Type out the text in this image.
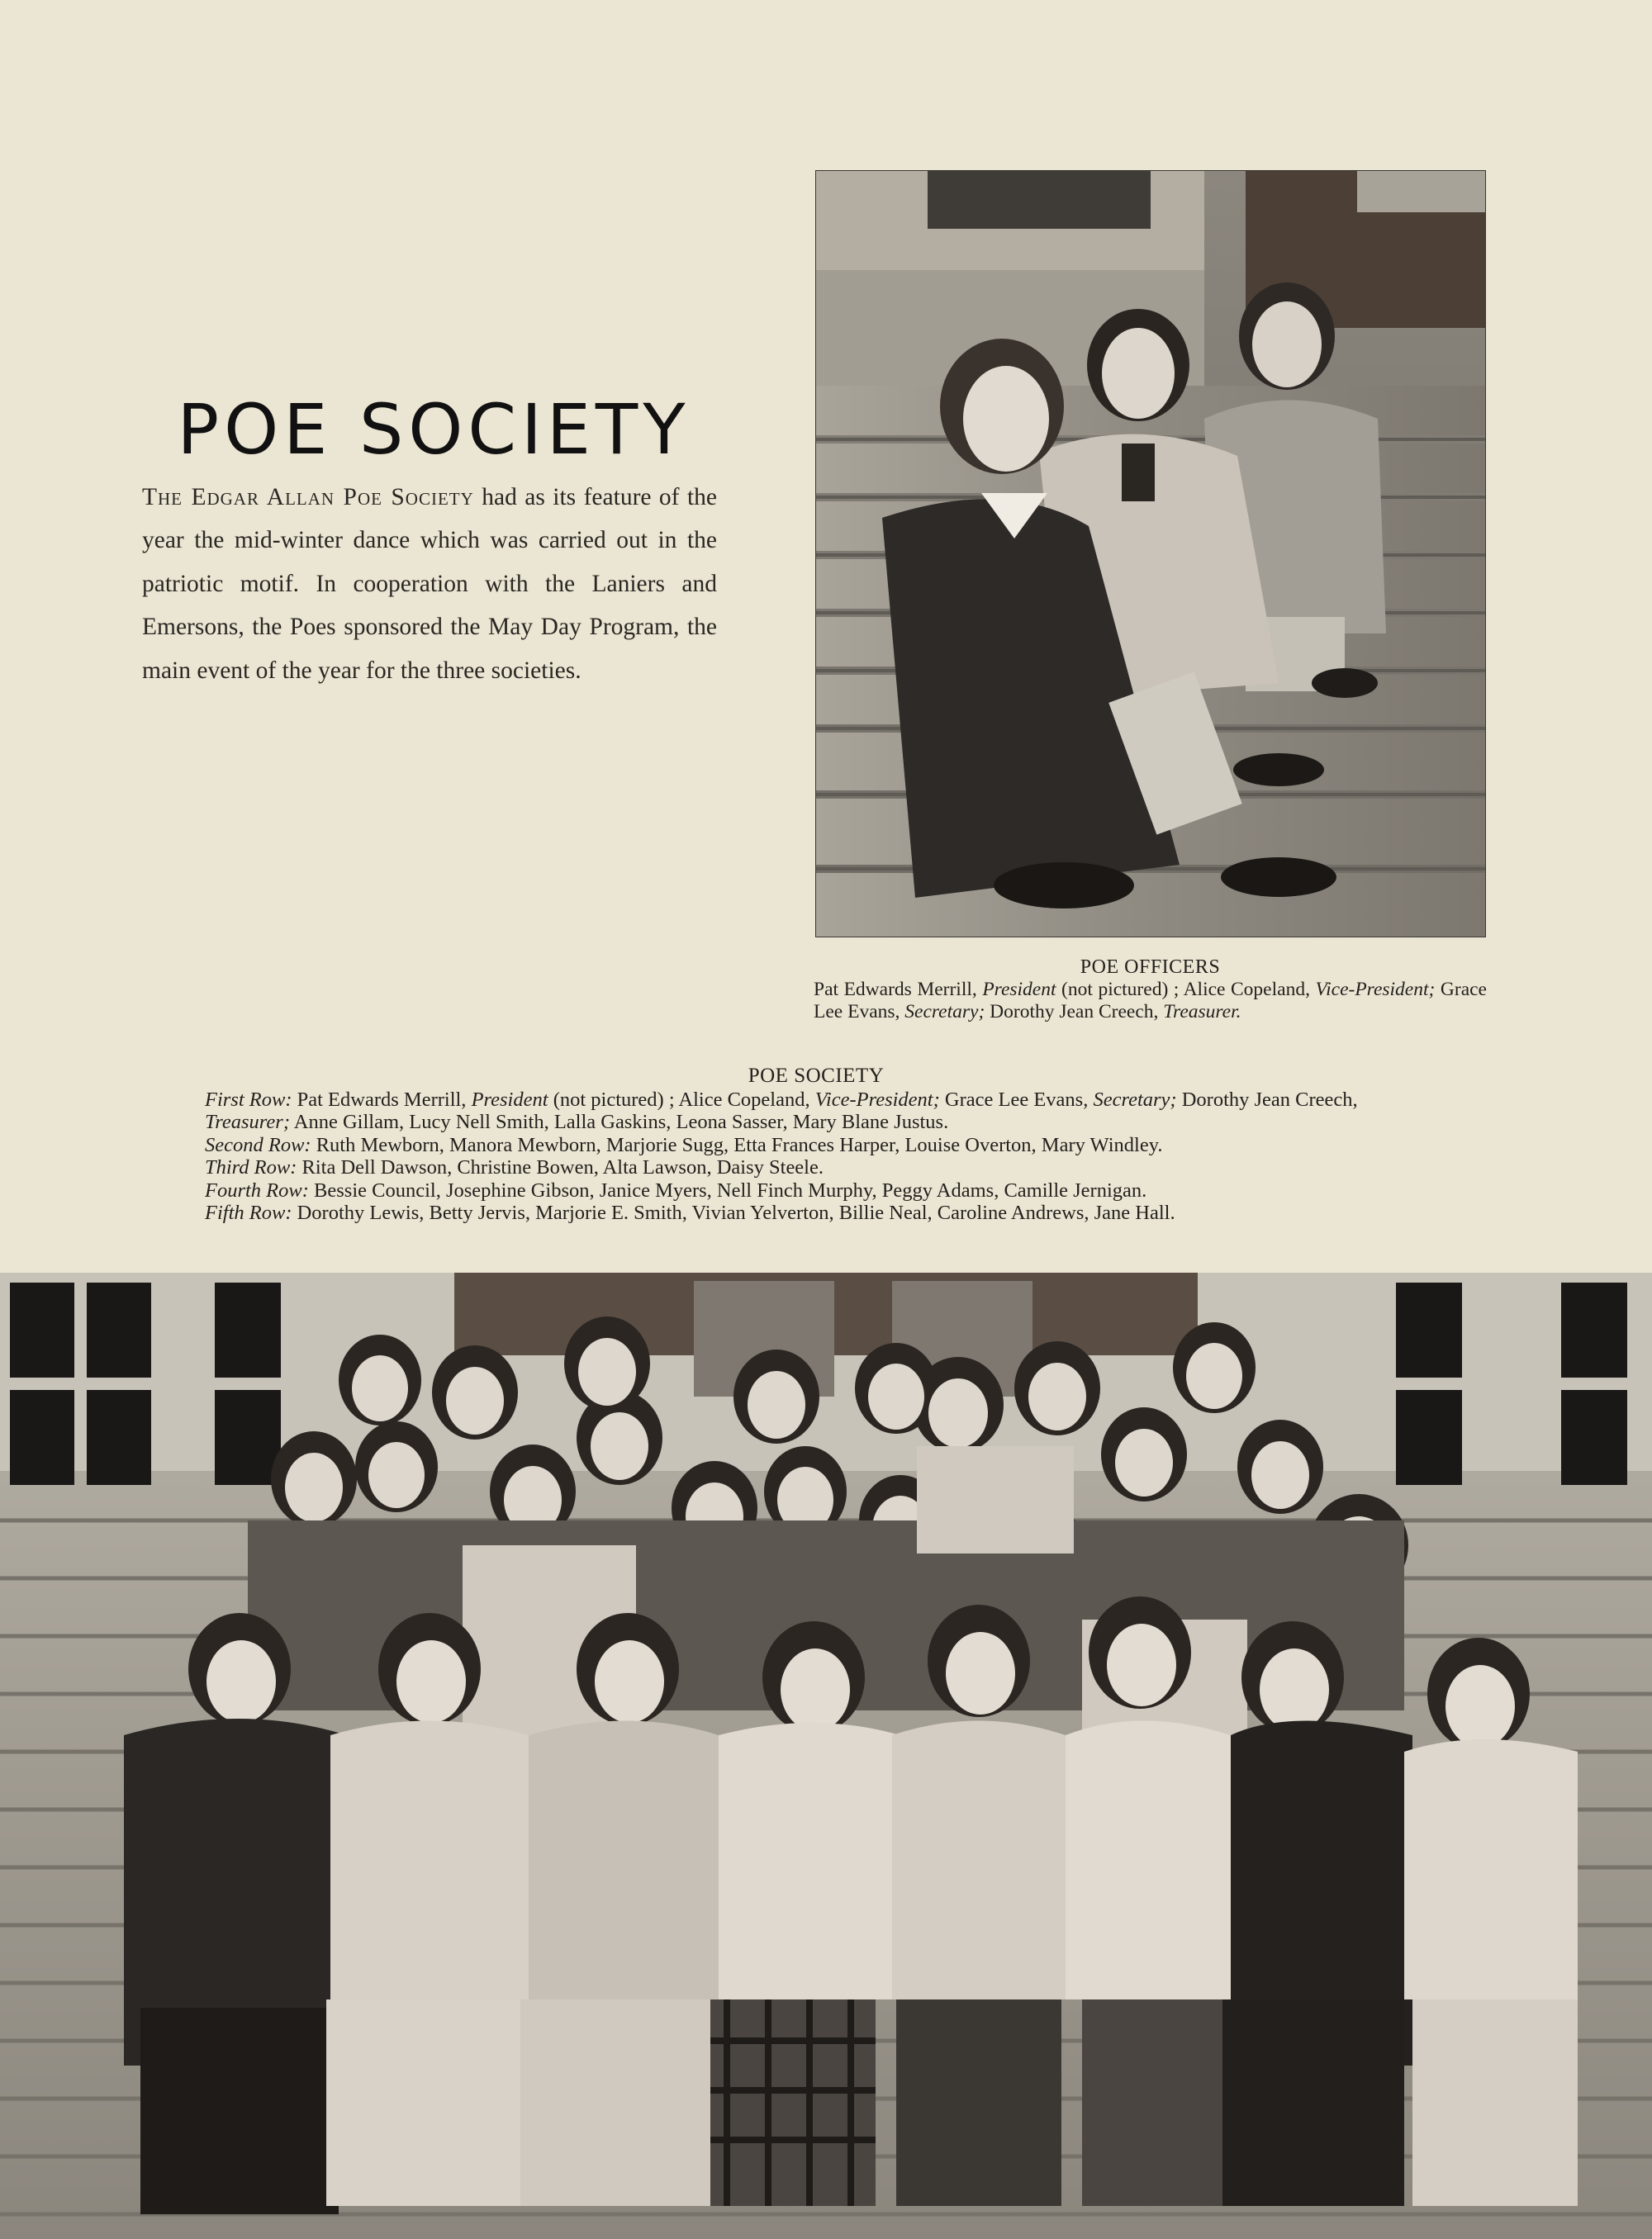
POE SOCIETY

The Edgar Allan Poe Society had as its feature of the year the mid-winter dance which was carried out in the patriotic motif. In cooperation with the Laniers and Emersons, the Poes sponsored the May Day Program, the main event of the year for the three societies.

POE OFFICERS
Pat Edwards Merrill, President (not pictured) ; Alice Copeland, Vice-President; Grace Lee Evans, Secretary; Dorothy Jean Creech, Treasurer.
POE SOCIETY
First Row: Pat Edwards Merrill, President (not pictured) ; Alice Copeland, Vice-President; Grace Lee Evans, Secretary; Dorothy Jean Creech, Treasurer; Anne Gillam, Lucy Nell Smith, Lalla Gaskins, Leona Sasser, Mary Blane Justus.
Second Row: Ruth Mewborn, Manora Mewborn, Marjorie Sugg, Etta Frances Harper, Louise Overton, Mary Windley.
Third Row: Rita Dell Dawson, Christine Bowen, Alta Lawson, Daisy Steele.
Fourth Row: Bessie Council, Josephine Gibson, Janice Myers, Nell Finch Murphy, Peggy Adams, Camille Jernigan.
Fifth Row: Dorothy Lewis, Betty Jervis, Marjorie E. Smith, Vivian Yelverton, Billie Neal, Caroline Andrews, Jane Hall.
